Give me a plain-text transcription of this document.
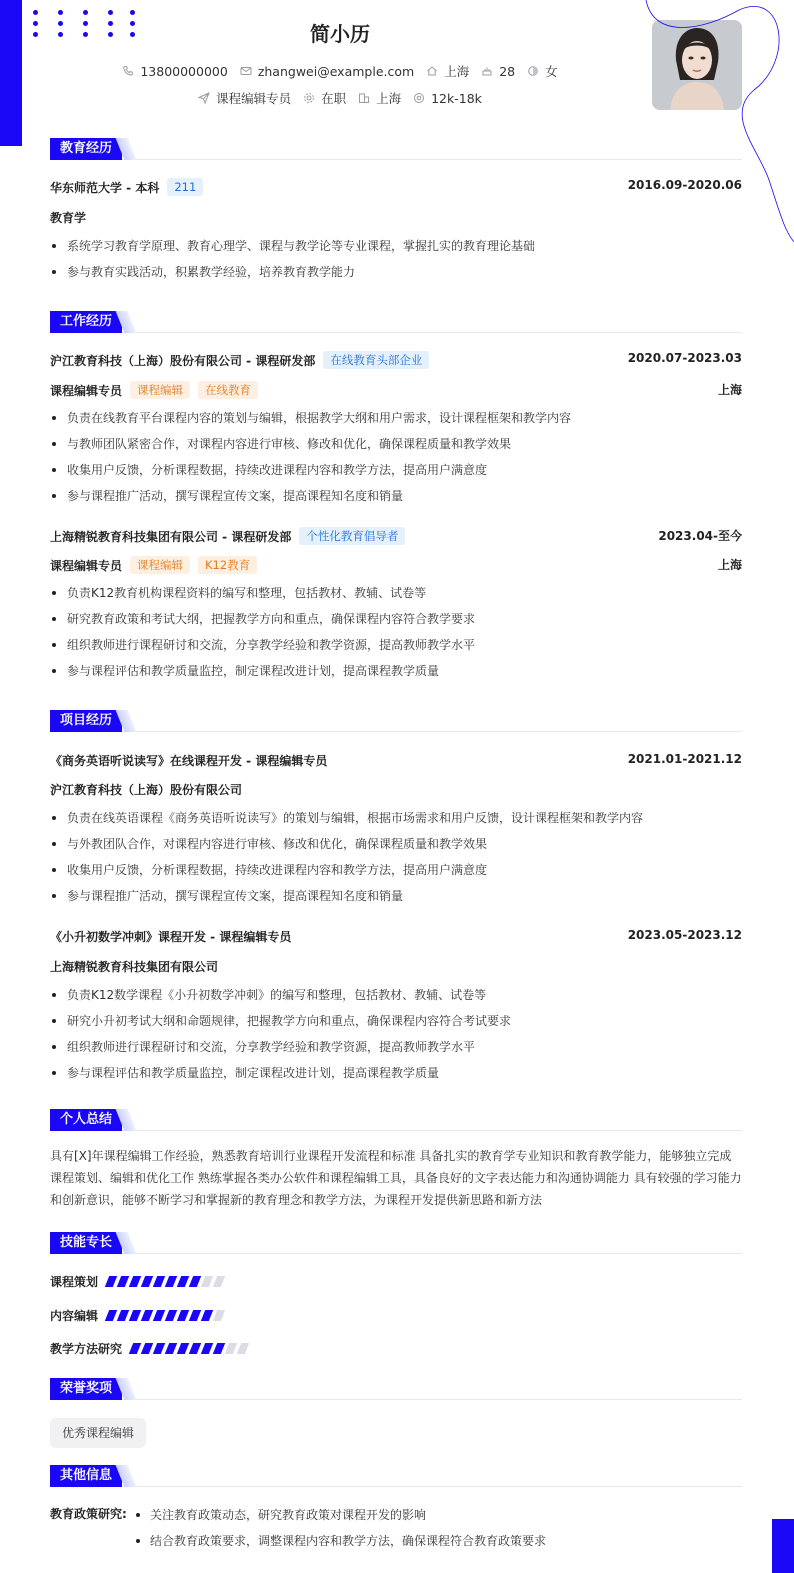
简小历
13800000000 zhangwei@example.com 上海 28 女
课程编辑专员 在职 上海 12k-18k
教育经历
华东师范大学 - 本科	211	2016.09-2020.06
教育学
系统学习教育学原理、教育心理学、课程与教学论等专业课程，掌握扎实的教育理论基础
参与教育实践活动，积累教学经验，培养教育教学能力
工作经历
沪江教育科技（上海）股份有限公司 - 课程研发部	在线教育头部企业	2020.07-2023.03
课程编辑专员	课程编辑	在线教育	上海
负责在线教育平台课程内容的策划与编辑，根据教学大纲和用户需求，设计课程框架和教学内容
与教师团队紧密合作，对课程内容进行审核、修改和优化，确保课程质量和教学效果
收集用户反馈，分析课程数据，持续改进课程内容和教学方法，提高用户满意度
参与课程推广活动，撰写课程宣传文案，提高课程知名度和销量
上海精锐教育科技集团有限公司 - 课程研发部	个性化教育倡导者	2023.04-至今
课程编辑专员	课程编辑	K12教育	上海
负责K12教育机构课程资料的编写和整理，包括教材、教辅、试卷等
研究教育政策和考试大纲，把握教学方向和重点，确保课程内容符合教学要求
组织教师进行课程研讨和交流，分享教学经验和教学资源，提高教师教学水平
参与课程评估和教学质量监控，制定课程改进计划，提高课程教学质量
项目经历
《商务英语听说读写》在线课程开发 - 课程编辑专员	2021.01-2021.12
沪江教育科技（上海）股份有限公司
负责在线英语课程《商务英语听说读写》的策划与编辑，根据市场需求和用户反馈，设计课程框架和教学内容
与外教团队合作，对课程内容进行审核、修改和优化，确保课程质量和教学效果
收集用户反馈，分析课程数据，持续改进课程内容和教学方法，提高用户满意度
参与课程推广活动，撰写课程宣传文案，提高课程知名度和销量
《小升初数学冲刺》课程开发 - 课程编辑专员	2023.05-2023.12
上海精锐教育科技集团有限公司
负责K12数学课程《小升初数学冲刺》的编写和整理，包括教材、教辅、试卷等
研究小升初考试大纲和命题规律，把握教学方向和重点，确保课程内容符合考试要求
组织教师进行课程研讨和交流，分享教学经验和教学资源，提高教师教学水平
参与课程评估和教学质量监控，制定课程改进计划，提高课程教学质量
个人总结
具有[X]年课程编辑工作经验，熟悉教育培训行业课程开发流程和标准 具备扎实的教育学专业知识和教育教学能力，能够独立完成课程策划、编辑和优化工作 熟练掌握各类办公软件和课程编辑工具，具备良好的文字表达能力和沟通协调能力 具有较强的学习能力和创新意识，能够不断学习和掌握新的教育理念和教学方法，为课程开发提供新思路和新方法
技能专长
课程策划
内容编辑
教学方法研究
荣誉奖项
优秀课程编辑
其他信息
教育政策研究:	关注教育政策动态，研究教育政策对课程开发的影响
结合教育政策要求，调整课程内容和教学方法，确保课程符合教育政策要求
